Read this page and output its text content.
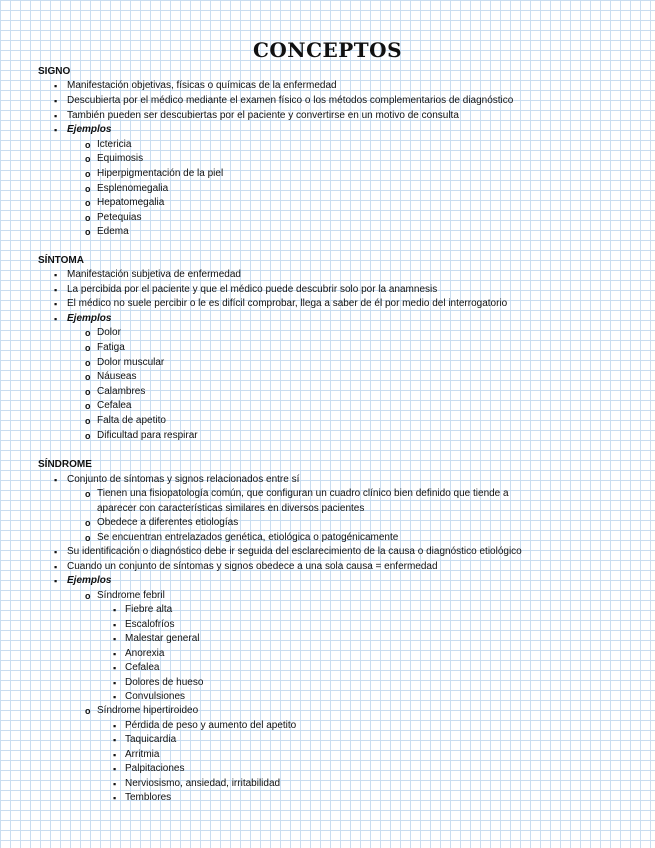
CONCEPTOS
SIGNO
▪ Manifestación objetivas, físicas o químicas de la enfermedad
▪ Descubierta por el médico mediante el examen físico o los métodos complementarios de diagnóstico
▪ También pueden ser descubiertas por el paciente y convertirse en un motivo de consulta
▪ Ejemplos
o Ictericia
o Equimosis
o Hiperpigmentación de la piel
o Esplenomegalia
o Hepatomegalia
o Petequias
o Edema
SÍNTOMA
▪ Manifestación subjetiva de enfermedad
▪ La percibida por el paciente y que el médico puede descubrir solo por la anamnesis
▪ El médico no suele percibir o le es difícil comprobar, llega a saber de él por medio del interrogatorio
▪ Ejemplos
o Dolor
o Fatiga
o Dolor muscular
o Náuseas
o Calambres
o Cefalea
o Falta de apetito
o Dificultad para respirar
SÍNDROME
▪ Conjunto de síntomas y signos relacionados entre sí
o Tienen una fisiopatología común, que configuran un cuadro clínico bien definido que tiende a
aparecer con características similares en diversos pacientes
o Obedece a diferentes etiologías
o Se encuentran entrelazados genética, etiológica o patogénicamente
▪ Su identificación o diagnóstico debe ir seguida del esclarecimiento de la causa o diagnóstico etiológico
▪ Cuando un conjunto de síntomas y signos obedece a una sola causa = enfermedad
▪ Ejemplos
o Síndrome febril
▪ Fiebre alta
▪ Escalofríos
▪ Malestar general
▪ Anorexia
▪ Cefalea
▪ Dolores de hueso
▪ Convulsiones
o Síndrome hipertiroideo
▪ Pérdida de peso y aumento del apetito
▪ Taquicardia
▪ Arritmia
▪ Palpitaciones
▪ Nerviosismo, ansiedad, irritabilidad
▪ Temblores
